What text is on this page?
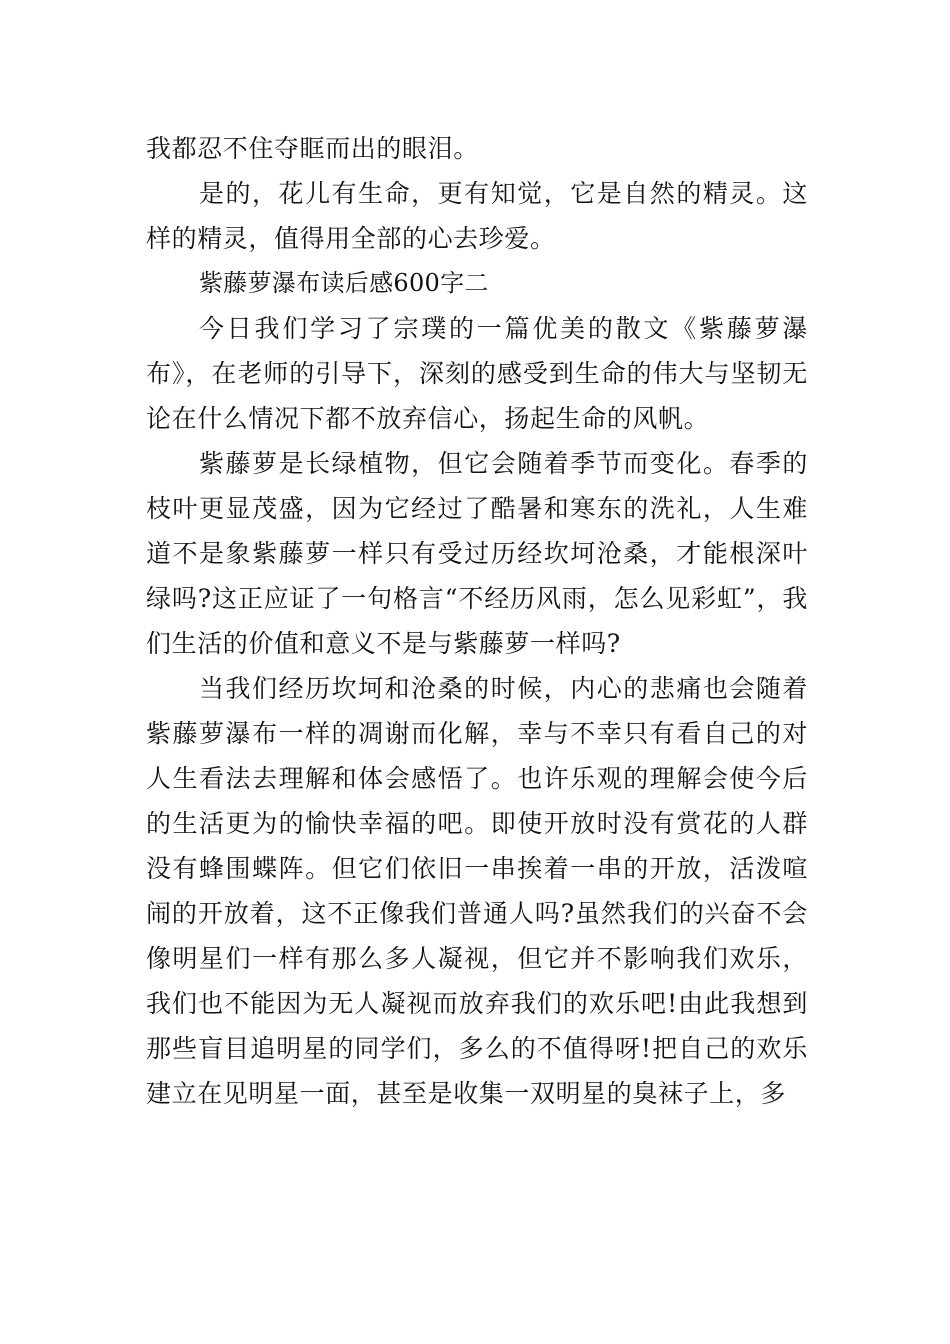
我都忍不住夺眶而出的眼泪。

是的，花儿有生命，更有知觉，它是自然的精灵。这样的精灵，值得用全部的心去珍爱。

紫藤萝瀑布读后感600字二

今日我们学习了宗璞的一篇优美的散文《紫藤萝瀑布》，在老师的引导下，深刻的感受到生命的伟大与坚韧无论在什么情况下都不放弃信心，扬起生命的风帆。

紫藤萝是长绿植物，但它会随着季节而变化。春季的枝叶更显茂盛，因为它经过了酷暑和寒东的洗礼，人生难道不是象紫藤萝一样只有受过历经坎坷沧桑，才能根深叶绿吗?这正应证了一句格言“不经历风雨，怎么见彩虹”，我们生活的价值和意义不是与紫藤萝一样吗?

当我们经历坎坷和沧桑的时候，内心的悲痛也会随着紫藤萝瀑布一样的凋谢而化解，幸与不幸只有看自己的对人生看法去理解和体会感悟了。也许乐观的理解会使今后的生活更为的愉快幸福的吧。即使开放时没有赏花的人群没有蜂围蝶阵。但它们依旧一串挨着一串的开放，活泼喧闹的开放着，这不正像我们普通人吗?虽然我们的兴奋不会像明星们一样有那么多人凝视，但它并不影响我们欢乐，我们也不能因为无人凝视而放弃我们的欢乐吧!由此我想到那些盲目追明星的同学们，多么的不值得呀!把自己的欢乐建立在见明星一面，甚至是收集一双明星的臭袜子上，多
